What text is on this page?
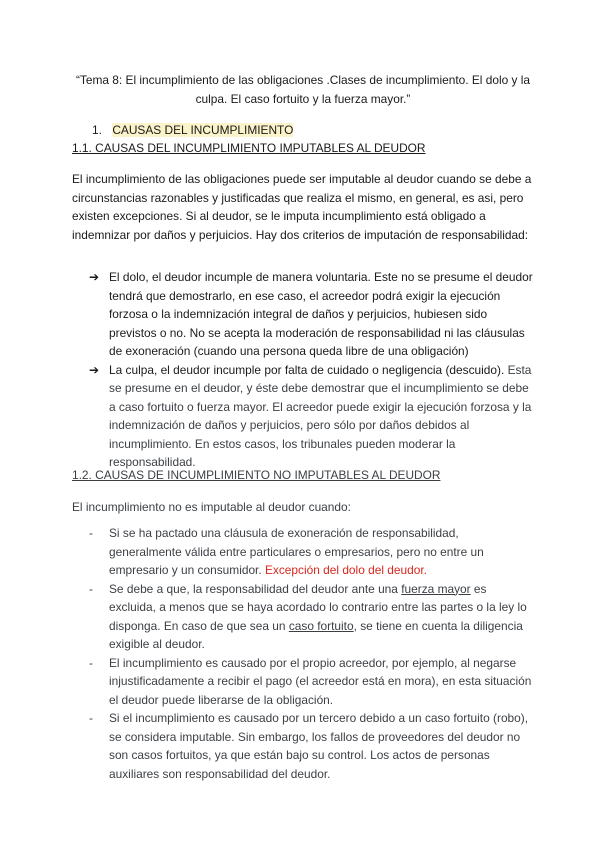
“Tema 8: El incumplimiento de las obligaciones .Clases de incumplimiento. El dolo y la culpa. El caso fortuito y la fuerza mayor.”

1. CAUSAS DEL INCUMPLIMIENTO

1.1. CAUSAS DEL INCUMPLIMIENTO IMPUTABLES AL DEUDOR

El incumplimiento de las obligaciones puede ser imputable al deudor cuando se debe a circunstancias razonables y justificadas que realiza el mismo, en general, es asi, pero existen excepciones. Si al deudor, se le imputa incumplimiento está obligado a indemnizar por daños y perjuicios. Hay dos criterios de imputación de responsabilidad:

➔ El dolo, el deudor incumple de manera voluntaria. Este no se presume el deudor tendrá que demostrarlo, en ese caso, el acreedor podrá exigir la ejecución forzosa o la indemnización integral de daños y perjuicios, hubiesen sido previstos o no. No se acepta la moderación de responsabilidad ni las cláusulas de exoneración (cuando una persona queda libre de una obligación)
➔ La culpa, el deudor incumple por falta de cuidado o negligencia (descuido). Esta se presume en el deudor, y éste debe demostrar que el incumplimiento se debe a caso fortuito o fuerza mayor. El acreedor puede exigir la ejecución forzosa y la indemnización de daños y perjuicios, pero sólo por daños debidos al incumplimiento. En estos casos, los tribunales pueden moderar la responsabilidad.

1.2. CAUSAS DE INCUMPLIMIENTO NO IMPUTABLES AL DEUDOR

El incumplimiento no es imputable al deudor cuando:

- Si se ha pactado una cláusula de exoneración de responsabilidad, generalmente válida entre particulares o empresarios, pero no entre un empresario y un consumidor. Excepción del dolo del deudor.
- Se debe a que, la responsabilidad del deudor ante una fuerza mayor es excluida, a menos que se haya acordado lo contrario entre las partes o la ley lo disponga. En caso de que sea un caso fortuito, se tiene en cuenta la diligencia exigible al deudor.
- El incumplimiento es causado por el propio acreedor, por ejemplo, al negarse injustificadamente a recibir el pago (el acreedor está en mora), en esta situación el deudor puede liberarse de la obligación.
- Si el incumplimiento es causado por un tercero debido a un caso fortuito (robo), se considera imputable. Sin embargo, los fallos de proveedores del deudor no son casos fortuitos, ya que están bajo su control. Los actos de personas auxiliares son responsabilidad del deudor.
